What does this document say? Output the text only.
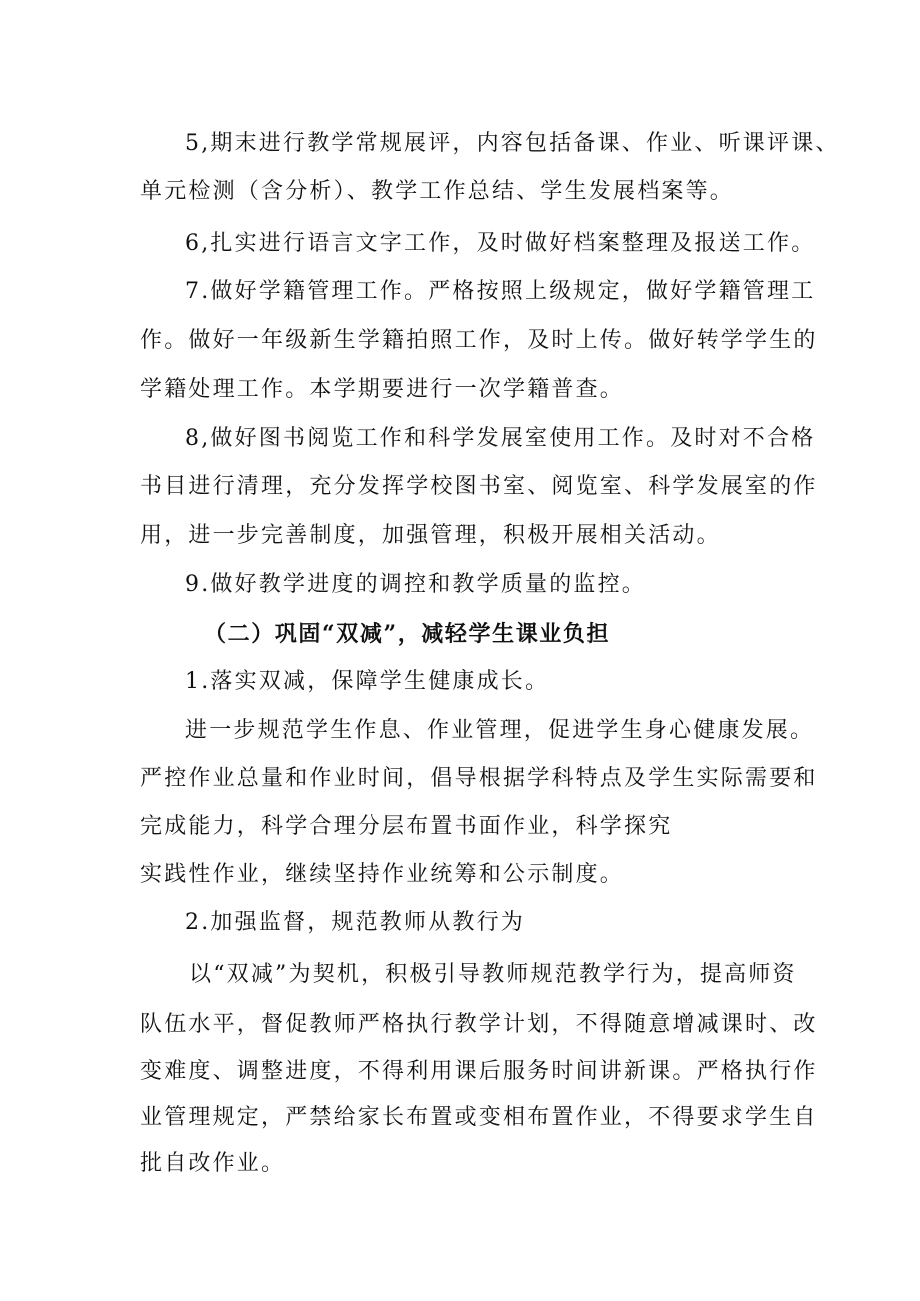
5,期末进行教学常规展评，内容包括备课、作业、听课评课、
单元检测（含分析）、教学工作总结、学生发展档案等。
6,扎实进行语言文字工作，及时做好档案整理及报送工作。
7.做好学籍管理工作。严格按照上级规定，做好学籍管理工
作。做好一年级新生学籍拍照工作，及时上传。做好转学学生的
学籍处理工作。本学期要进行一次学籍普查。
8,做好图书阅览工作和科学发展室使用工作。及时对不合格
书目进行清理，充分发挥学校图书室、阅览室、科学发展室的作
用，进一步完善制度，加强管理，积极开展相关活动。
9.做好教学进度的调控和教学质量的监控。
（二）巩固“双减”，减轻学生课业负担
1.落实双减，保障学生健康成长。
进一步规范学生作息、作业管理，促进学生身心健康发展。
严控作业总量和作业时间，倡导根据学科特点及学生实际需要和
完成能力，科学合理分层布置书面作业，科学探究
实践性作业，继续坚持作业统筹和公示制度。
2.加强监督，规范教师从教行为
以“双减”为契机，积极引导教师规范教学行为，提高师资
队伍水平，督促教师严格执行教学计划，不得随意增减课时、改
变难度、调整进度，不得利用课后服务时间讲新课。严格执行作
业管理规定，严禁给家长布置或变相布置作业，不得要求学生自
批自改作业。
